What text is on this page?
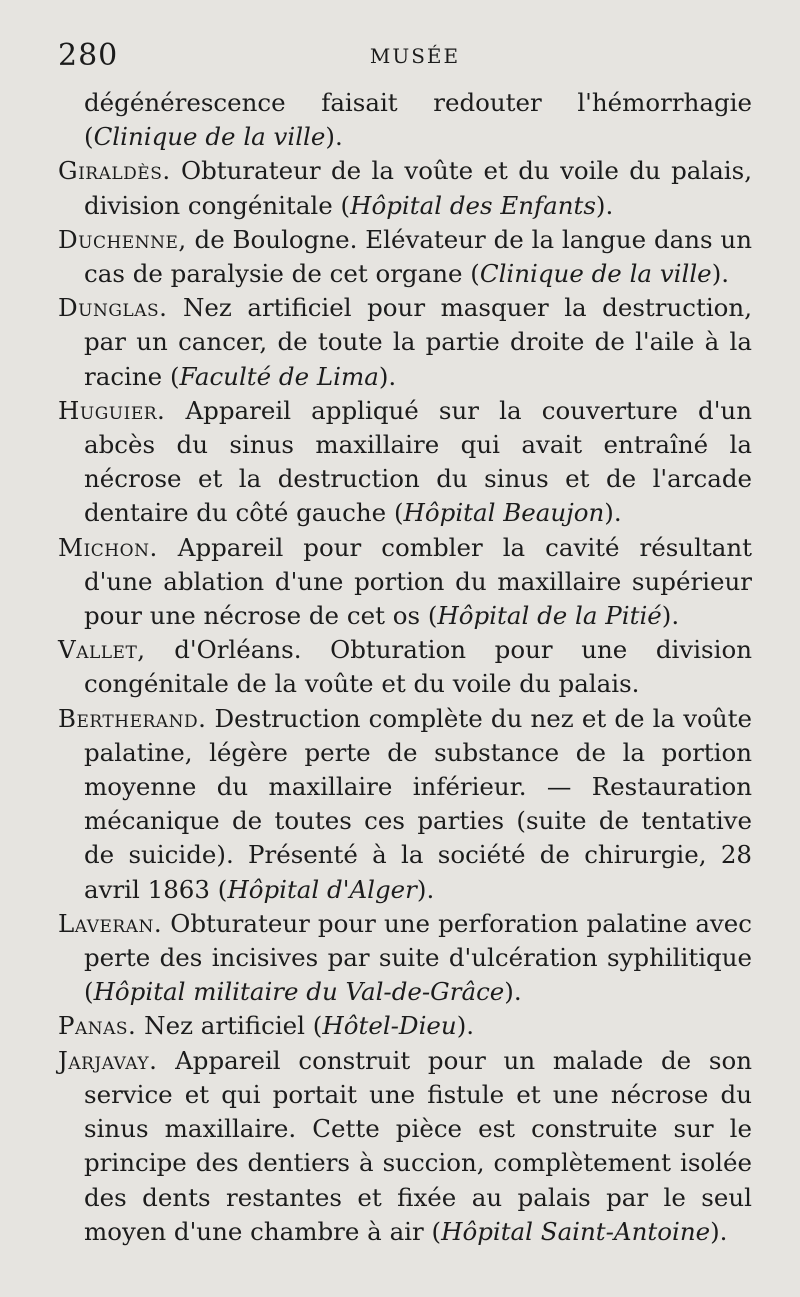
280	MUSÉE

dégénérescence faisait redouter l'hémorrhagie (Clinique de la ville).

Giraldès. Obturateur de la voûte et du voile du palais, division congénitale (Hôpital des Enfants).

Duchenne, de Boulogne. Elévateur de la langue dans un cas de paralysie de cet organe (Clinique de la ville).

Dunglas. Nez artificiel pour masquer la destruction, par un cancer, de toute la partie droite de l'aile à la racine (Faculté de Lima).

Huguier. Appareil appliqué sur la couverture d'un abcès du sinus maxillaire qui avait entraîné la nécrose et la destruction du sinus et de l'arcade dentaire du côté gauche (Hôpital Beaujon).

Michon. Appareil pour combler la cavité résultant d'une ablation d'une portion du maxillaire supérieur pour une nécrose de cet os (Hôpital de la Pitié).

Vallet, d'Orléans. Obturation pour une division congénitale de la voûte et du voile du palais.

Bertherand. Destruction complète du nez et de la voûte palatine, légère perte de substance de la portion moyenne du maxillaire inférieur. — Restauration mécanique de toutes ces parties (suite de tentative de suicide). Présenté à la société de chirurgie, 28 avril 1863 (Hôpital d'Alger).

Laveran. Obturateur pour une perforation palatine avec perte des incisives par suite d'ulcération syphilitique (Hôpital militaire du Val-de-Grâce).

Panas. Nez artificiel (Hôtel-Dieu).

Jarjavay. Appareil construit pour un malade de son service et qui portait une fistule et une nécrose du sinus maxillaire. Cette pièce est construite sur le principe des dentiers à succion, complètement isolée des dents restantes et fixée au palais par le seul moyen d'une chambre à air (Hôpital Saint-Antoine).
